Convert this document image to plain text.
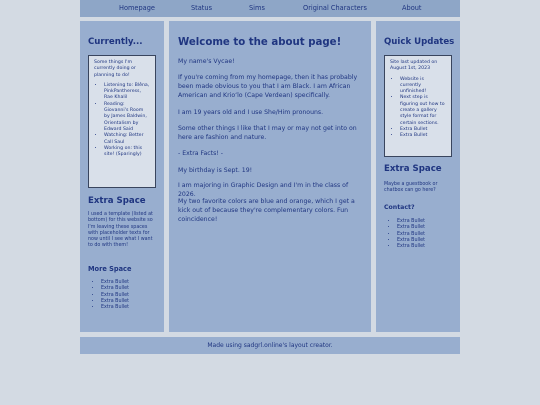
Homepage	Status	Sims	Original Characters	About
Currently...

Some things I'm currently doing or planning to do!

• Listening to: Blêna, PinkPantheress, Rae Khalil
• Reading: Giovanni's Room by James Baldwin, Orientalism by Edward Said
• Watching: Better Call Saul
• Working on: this site! (Sparingly)
Extra Space
I used a template (listed at bottom) for this website so I'm leaving these spaces with placeholder texts for now until I see what I want to do with them!
More Space
• Extra Bullet
• Extra Bullet
• Extra Bullet
• Extra Bullet
• Extra Bullet
Welcome to the about page!

My name's Vycae!

If you're coming from my homepage, then it has probably been made obvious to you that I am Black. I am African American and Krio‘lo (Cape Verdean) specifically.

I am 19 years old and I use She/Him pronouns.

Some other things I like that I may or may not get into on here are fashion and nature.

- Extra Facts! -

My birthday is Sept. 19!

I am majoring in Graphic Design and I'm in the class of 2026.

My two favorite colors are blue and orange, which I get a kick out of because they're complementary colors. Fun coincidence!

Quick Updates

Site last updated on August 1st, 2023

• Website is currently unfinished!
• Next step is figuring out how to create a gallery style format for certain sections.
• Extra Bullet
• Extra Bullet
Extra Space
Maybe a guestbook or chatbox can go here?
Contact?
• Extra Bullet
• Extra Bullet
• Extra Bullet
• Extra Bullet
• Extra Bullet
Made using sadgrl.online's layout creator.
